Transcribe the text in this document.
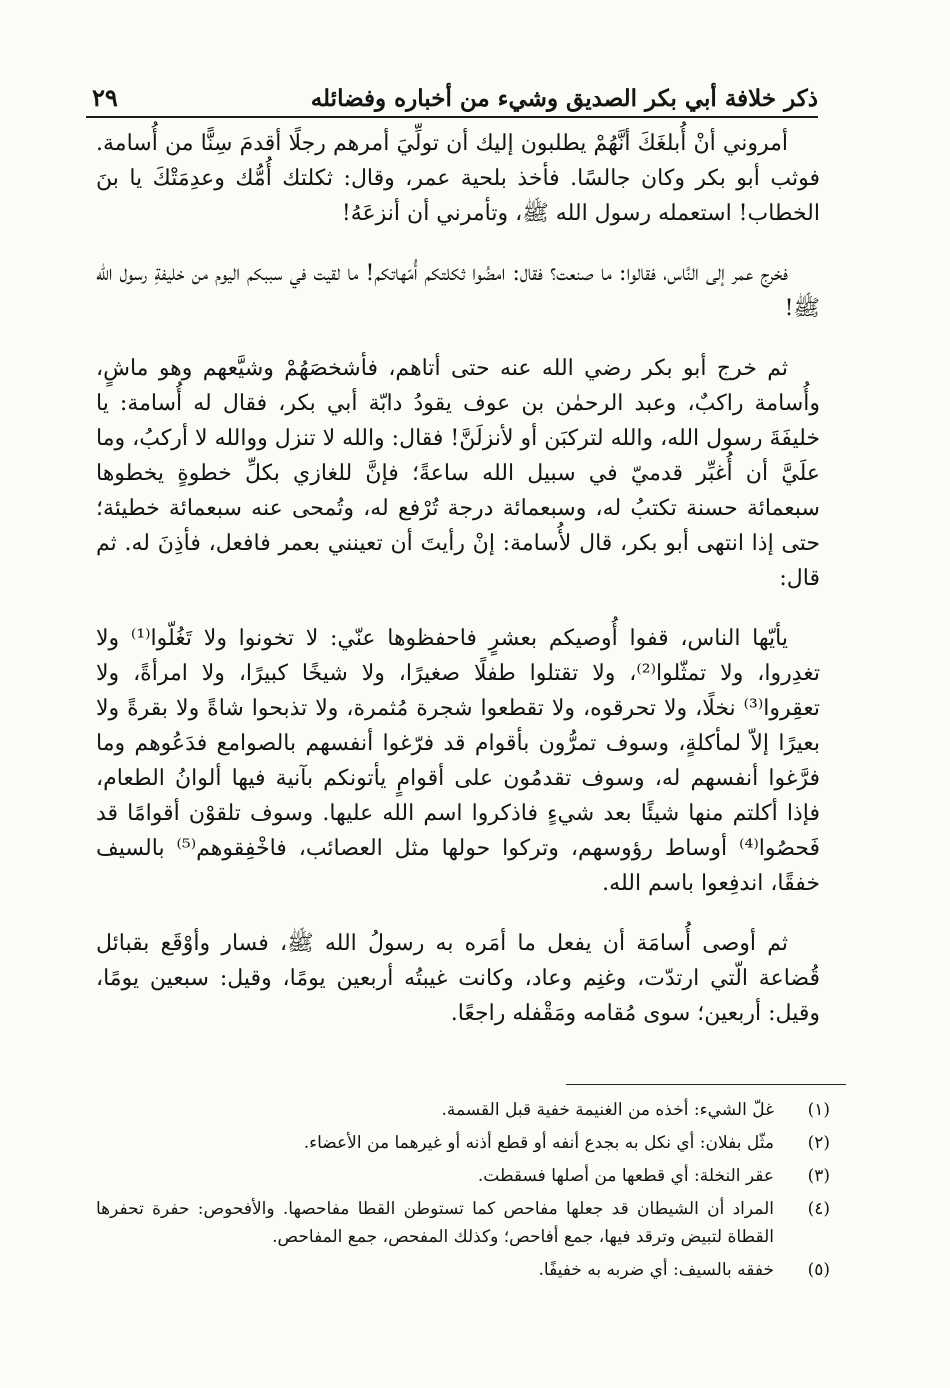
ذكر خلافة أبي بكر الصديق وشيء من أخباره وفضائله
٢٩

أمروني أنْ أُبلغَكَ أنَّهُمْ يطلبون إليك أن تولِّيَ أمرهم رجلًا أقدمَ سِنًّا من أُسامة. فوثب أبو بكر وكان جالسًا. فأخذ بلحية عمر، وقال: ثكلتك أُمُّك وعدِمَتْكَ يا بنَ الخطاب! استعمله رسول الله ﷺ، وتأمرني أن أنزعَهُ!

فخرج عمر إلى النَّاس، فقالوا: ما صنعت؟ فقال: امضُوا ثكلتكم أُمّهاتكم! ما لقيت في سببكم اليوم من خليفةِ رسول الله ﷺ!

ثم خرج أبو بكر رضي الله عنه حتى أتاهم، فأشخصَهُمْ وشيَّعهم وهو ماشٍ، وأُسامة راكبٌ، وعبد الرحمٰن بن عوف يقودُ دابّة أبي بكر، فقال له أُسامة: يا خليفَةَ رسول الله، والله لتركبَن أو لأنزلَنَّ! فقال: والله لا تنزل ووالله لا أركبُ، وما علَيَّ أن أُغبِّر قدميّ في سبيل الله ساعةً؛ فإنَّ للغازي بكلِّ خطوةٍ يخطوها سبعمائة حسنة تكتبُ له، وسبعمائة درجة تُرْفع له، وتُمحى عنه سبعمائة خطيئة؛ حتى إذا انتهى أبو بكر، قال لأُسامة: إنْ رأيتَ أن تعينني بعمر فافعل، فأذِنَ له. ثم قال:

يأيّها الناس، قفوا أُوصيكم بعشرٍ فاحفظوها عنّي: لا تخونوا ولا تَغُلّوا⁽¹⁾ ولا تغدِروا، ولا تمثّلوا⁽²⁾، ولا تقتلوا طفلًا صغيرًا، ولا شيخًا كبيرًا، ولا امرأةً، ولا تعقِروا⁽³⁾ نخلًا، ولا تحرقوه، ولا تقطعوا شجرة مُثمرة، ولا تذبحوا شاةً ولا بقرةً ولا بعيرًا إلاّ لمأكلةٍ، وسوف تمرُّون بأقوام قد فرّغوا أنفسهم بالصوامع فدَعُوهم وما فرَّغوا أنفسهم له، وسوف تقدمُون على أقوامٍ يأتونكم بآنية فيها ألوانُ الطعام، فإذا أكلتم منها شيئًا بعد شيءٍ فاذكروا اسم الله عليها. وسوف تلقوْن أقوامًا قد فَحصُوا⁽⁴⁾ أوساط رؤوسهم، وتركوا حولها مثل العصائب، فاخْفِقوهم⁽⁵⁾ بالسيف خفقًا، اندفِعوا باسم الله.

ثم أوصى أُسامَة أن يفعل ما أمَره به رسولُ الله ﷺ، فسار وأوْقَع بقبائل قُضاعة الّتي ارتدّت، وغنِم وعاد، وكانت غيبتُه أربعين يومًا، وقيل: سبعين يومًا، وقيل: أربعين؛ سوى مُقامه ومَقْفله راجعًا.

(١)
غلّ الشيء: أخذه من الغنيمة خفية قبل القسمة.
(٢)
مثّل بفلان: أي نكل به بجدع أنفه أو قطع أذنه أو غيرهما من الأعضاء.
(٣)
عقر النخلة: أي قطعها من أصلها فسقطت.
(٤)
المراد أن الشيطان قد جعلها مفاحص كما تستوطن القطا مفاحصها. والأفحوص: حفرة تحفرها القطاة لتبيض وترقد فيها، جمع أفاحص؛ وكذلك المفحص، جمع المفاحص.
(٥)
خفقه بالسيف: أي ضربه به خفيفًا.
